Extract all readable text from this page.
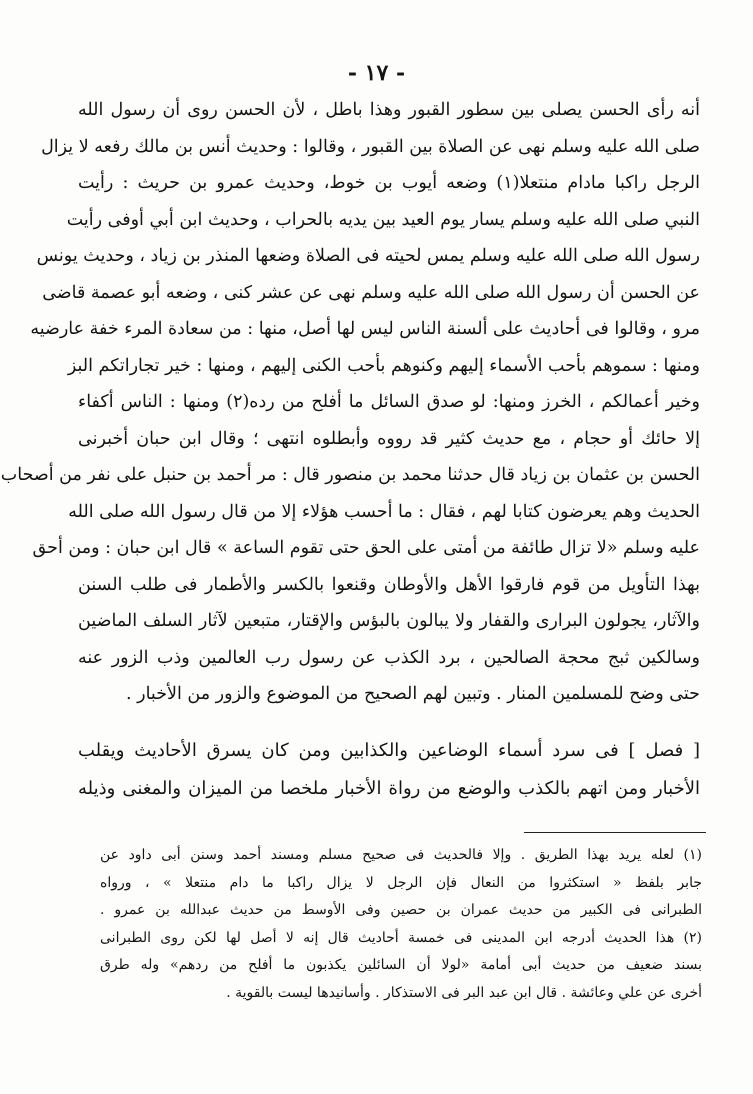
- ١٧ -
أنه رأى الحسن يصلى بين سطور القبور وهذا باطل ، لأن الحسن روى أن رسول الله
صلى الله عليه وسلم نهى عن الصلاة بين القبور ، وقالوا : وحديث أنس بن مالك رفعه لا يزال
الرجل راكبا مادام منتعلا(١) وضعه أيوب بن خوط، وحديث عمرو بن حريث : رأيت
النبي صلى الله عليه وسلم يسار يوم العيد بين يديه بالحراب ، وحديث ابن أبي أوفى رأيت
رسول الله صلى الله عليه وسلم يمس لحيته فى الصلاة وضعها المنذر بن زياد ، وحديث يونس
عن الحسن أن رسول الله صلى الله عليه وسلم نهى عن عشر كنى ، وضعه أبو عصمة قاضى
مرو ، وقالوا فى أحاديث على ألسنة الناس ليس لها أصل، منها : من سعادة المرء خفة عارضيه
ومنها : سموهم بأحب الأسماء إليهم وكنوهم بأحب الكنى إليهم ، ومنها : خير تجاراتكم البز
وخير أعمالكم ، الخرز ومنها: لو صدق السائل ما أفلح من رده(٢) ومنها : الناس أكفاء
إلا حائك أو حجام ، مع حديث كثير قد رووه وأبطلوه انتهى ؛ وقال ابن حبان أخبرنى
الحسن بن عثمان بن زياد قال حدثنا محمد بن منصور قال : مر أحمد بن حنبل على نفر من أصحاب
الحديث وهم يعرضون كتابا لهم ، فقال : ما أحسب هؤلاء إلا من قال رسول الله صلى الله
عليه وسلم «لا تزال طائفة من أمتى على الحق حتى تقوم الساعة » قال ابن حبان : ومن أحق
بهذا التأويل من قوم فارقوا الأهل والأوطان وقنعوا بالكسر والأطمار فى طلب السنن
والآثار، يجولون البرارى والقفار ولا يبالون بالبؤس والإقتار، متبعين لآثار السلف الماضين
وسالكين ثبج محجة الصالحين ، برد الكذب عن رسول رب العالمين وذب الزور عنه
حتى وضح للمسلمين المنار . وتبين لهم الصحيح من الموضوع والزور من الأخبار .
[ فصل ] فى سرد أسماء الوضاعين والكذابين ومن كان يسرق الأحاديث ويقلب
الأخبار ومن اتهم بالكذب والوضع من رواة الأخبار ملخصا من الميزان والمغنى وذيله
(١) لعله يريد بهذا الطريق . وإلا فالحديث فى صحيح مسلم ومسند أحمد وسنن أبى داود عن
جابر بلفظ « استكثروا من النعال فإن الرجل لا يزال راكبا ما دام منتعلا » ، ورواه
الطبرانى فى الكبير من حديث عمران بن حصين وفى الأوسط من حديث عبدالله بن عمرو .
(٢) هذا الحديث أدرجه ابن المدينى فى خمسة أحاديث قال إنه لا أصل لها لكن روى الطبرانى
بسند ضعيف من حديث أبى أمامة «لولا أن السائلين يكذبون ما أفلح من ردهم» وله طرق
أخرى عن علي وعائشة . قال ابن عبد البر فى الاستذكار . وأسانيدها ليست بالقوية .
